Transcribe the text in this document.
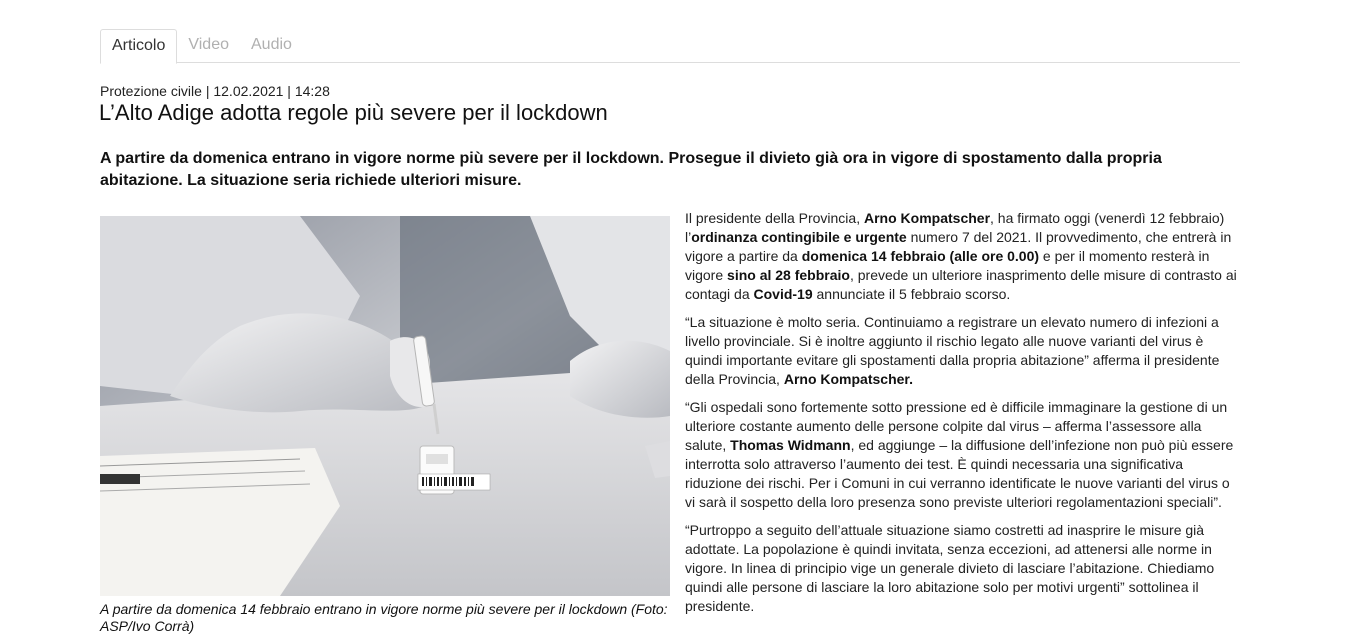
Articolo	Video	Audio
Protezione civile | 12.02.2021 | 14:28
L’Alto Adige adotta regole più severe per il lockdown
A partire da domenica entrano in vigore norme più severe per il lockdown. Prosegue il divieto già ora in vigore di spostamento dalla propria abitazione. La situazione seria richiede ulteriori misure.
A partire da domenica 14 febbraio entrano in vigore norme più severe per il lockdown (Foto: ASP/Ivo Corrà)

Il presidente della Provincia, Arno Kompatscher, ha firmato oggi (venerdì 12 febbraio) l’ordinanza contingibile e urgente numero 7 del 2021. Il provvedimento, che entrerà in vigore a partire da domenica 14 febbraio (alle ore 0.00) e per il momento resterà in vigore sino al 28 febbraio, prevede un ulteriore inasprimento delle misure di contrasto ai contagi da Covid-19 annunciate il 5 febbraio scorso.

“La situazione è molto seria. Continuiamo a registrare un elevato numero di infezioni a livello provinciale. Si è inoltre aggiunto il rischio legato alle nuove varianti del virus è quindi importante evitare gli spostamenti dalla propria abitazione” afferma il presidente della Provincia, Arno Kompatscher.

“Gli ospedali sono fortemente sotto pressione ed è difficile immaginare la gestione di un ulteriore costante aumento delle persone colpite dal virus – afferma l’assessore alla salute, Thomas Widmann, ed aggiunge – la diffusione dell’infezione non può più essere interrotta solo attraverso l’aumento dei test. È quindi necessaria una significativa riduzione dei rischi. Per i Comuni in cui verranno identificate le nuove varianti del virus o vi sarà il sospetto della loro presenza sono previste ulteriori regolamentazioni speciali”.

“Purtroppo a seguito dell’attuale situazione siamo costretti ad inasprire le misure già adottate. La popolazione è quindi invitata, senza eccezioni, ad attenersi alle norme in vigore. In linea di principio vige un generale divieto di lasciare l’abitazione. Chiediamo quindi alle persone di lasciare la loro abitazione solo per motivi urgenti” sottolinea il presidente.
